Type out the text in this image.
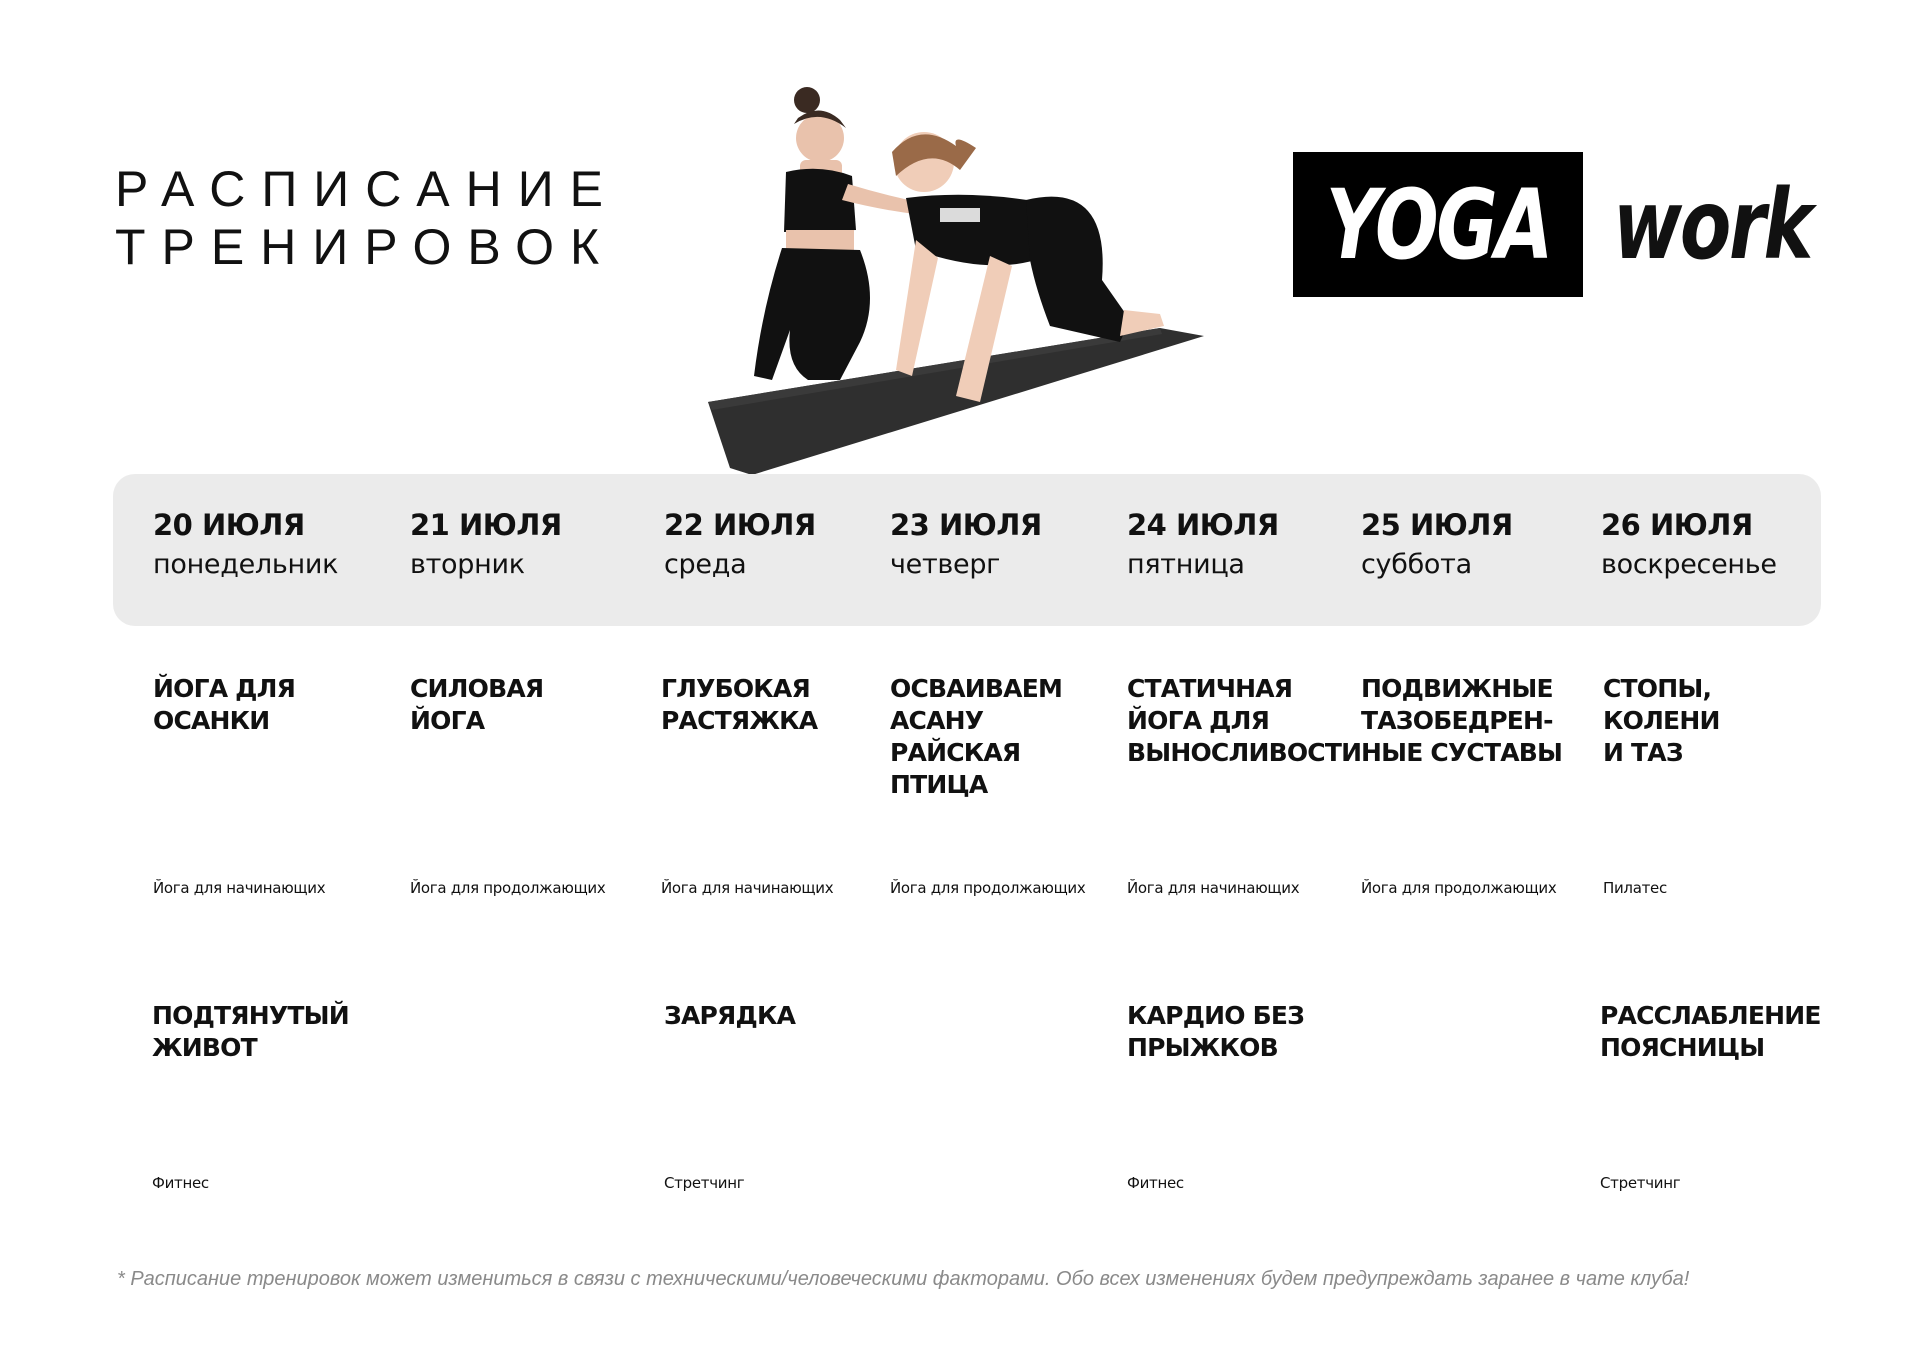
РАСПИСАНИЕ
ТРЕНИРОВОК	YOGA work
20 ИЮЛЯ
понедельник
21 ИЮЛЯ
вторник
22 ИЮЛЯ
среда
23 ИЮЛЯ
четверг
24 ИЮЛЯ
пятница
25 ИЮЛЯ
суббота
26 ИЮЛЯ
воскресенье
ЙОГА ДЛЯ
ОСАНКИ
Йога для начинающих
СИЛОВАЯ
ЙОГА
Йога для продолжающих
ГЛУБОКАЯ
РАСТЯЖКА
Йога для начинающих
ОСВАИВАЕМ
АСАНУ
РАЙСКАЯ
ПТИЦА
Йога для продолжающих
СТАТИЧНАЯ
ЙОГА ДЛЯ
ВЫНОСЛИВОСТИ
Йога для начинающих
ПОДВИЖНЫЕ
ТАЗОБЕДРЕН-
НЫЕ СУСТАВЫ
Йога для продолжающих
СТОПЫ,
КОЛЕНИ
И ТАЗ
Пилатес
ПОДТЯНУТЫЙ
ЖИВОТ
Фитнес
ЗАРЯДКА
Стретчинг
КАРДИО БЕЗ
ПРЫЖКОВ
Фитнес
РАССЛАБЛЕНИЕ
ПОЯСНИЦЫ
Стретчинг
* Расписание тренировок может измениться в связи с техническими/человеческими факторами. Обо всех изменениях будем предупреждать заранее в чате клуба!
